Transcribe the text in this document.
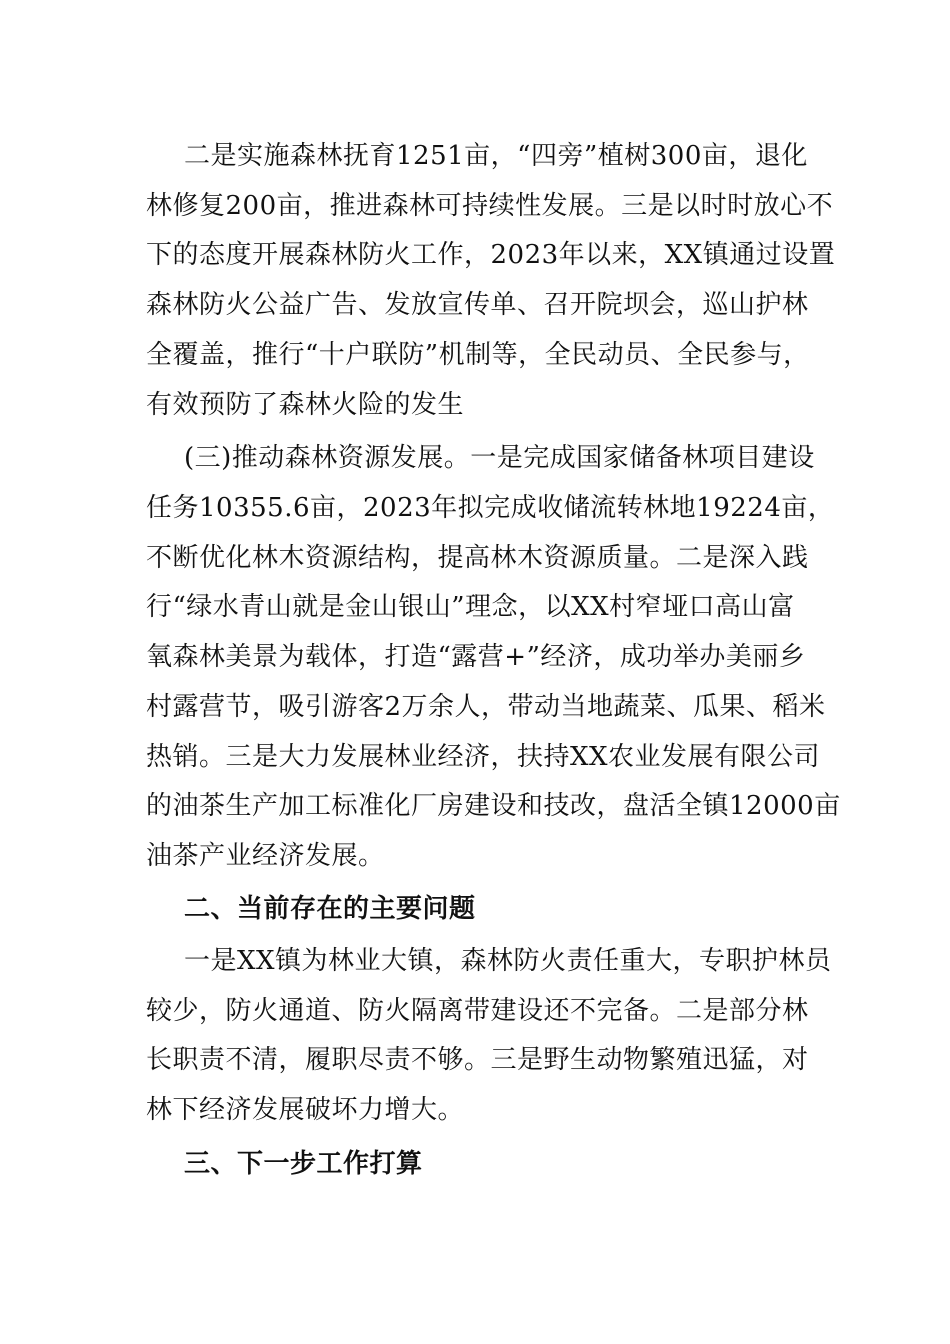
二是实施森林抚育1251亩，“四旁”植树300亩，退化
林修复200亩，推进森林可持续性发展。三是以时时放心不
下的态度开展森林防火工作，2023年以来，XX镇通过设置
森林防火公益广告、发放宣传单、召开院坝会，巡山护林
全覆盖，推行“十户联防”机制等，全民动员、全民参与，
有效预防了森林火险的发生
(三)推动森林资源发展。一是完成国家储备林项目建设
任务10355.6亩，2023年拟完成收储流转林地19224亩，
不断优化林木资源结构，提高林木资源质量。二是深入践
行“绿水青山就是金山银山”理念，以XX村窄垭口高山富
氧森林美景为载体，打造“露营+”经济，成功举办美丽乡
村露营节，吸引游客2万余人，带动当地蔬菜、瓜果、稻米
热销。三是大力发展林业经济，扶持XX农业发展有限公司
的油茶生产加工标准化厂房建设和技改，盘活全镇12000亩
油茶产业经济发展。
二、当前存在的主要问题
一是XX镇为林业大镇，森林防火责任重大，专职护林员
较少，防火通道、防火隔离带建设还不完备。二是部分林
长职责不清，履职尽责不够。三是野生动物繁殖迅猛，对
林下经济发展破坏力增大。
三、下一步工作打算
